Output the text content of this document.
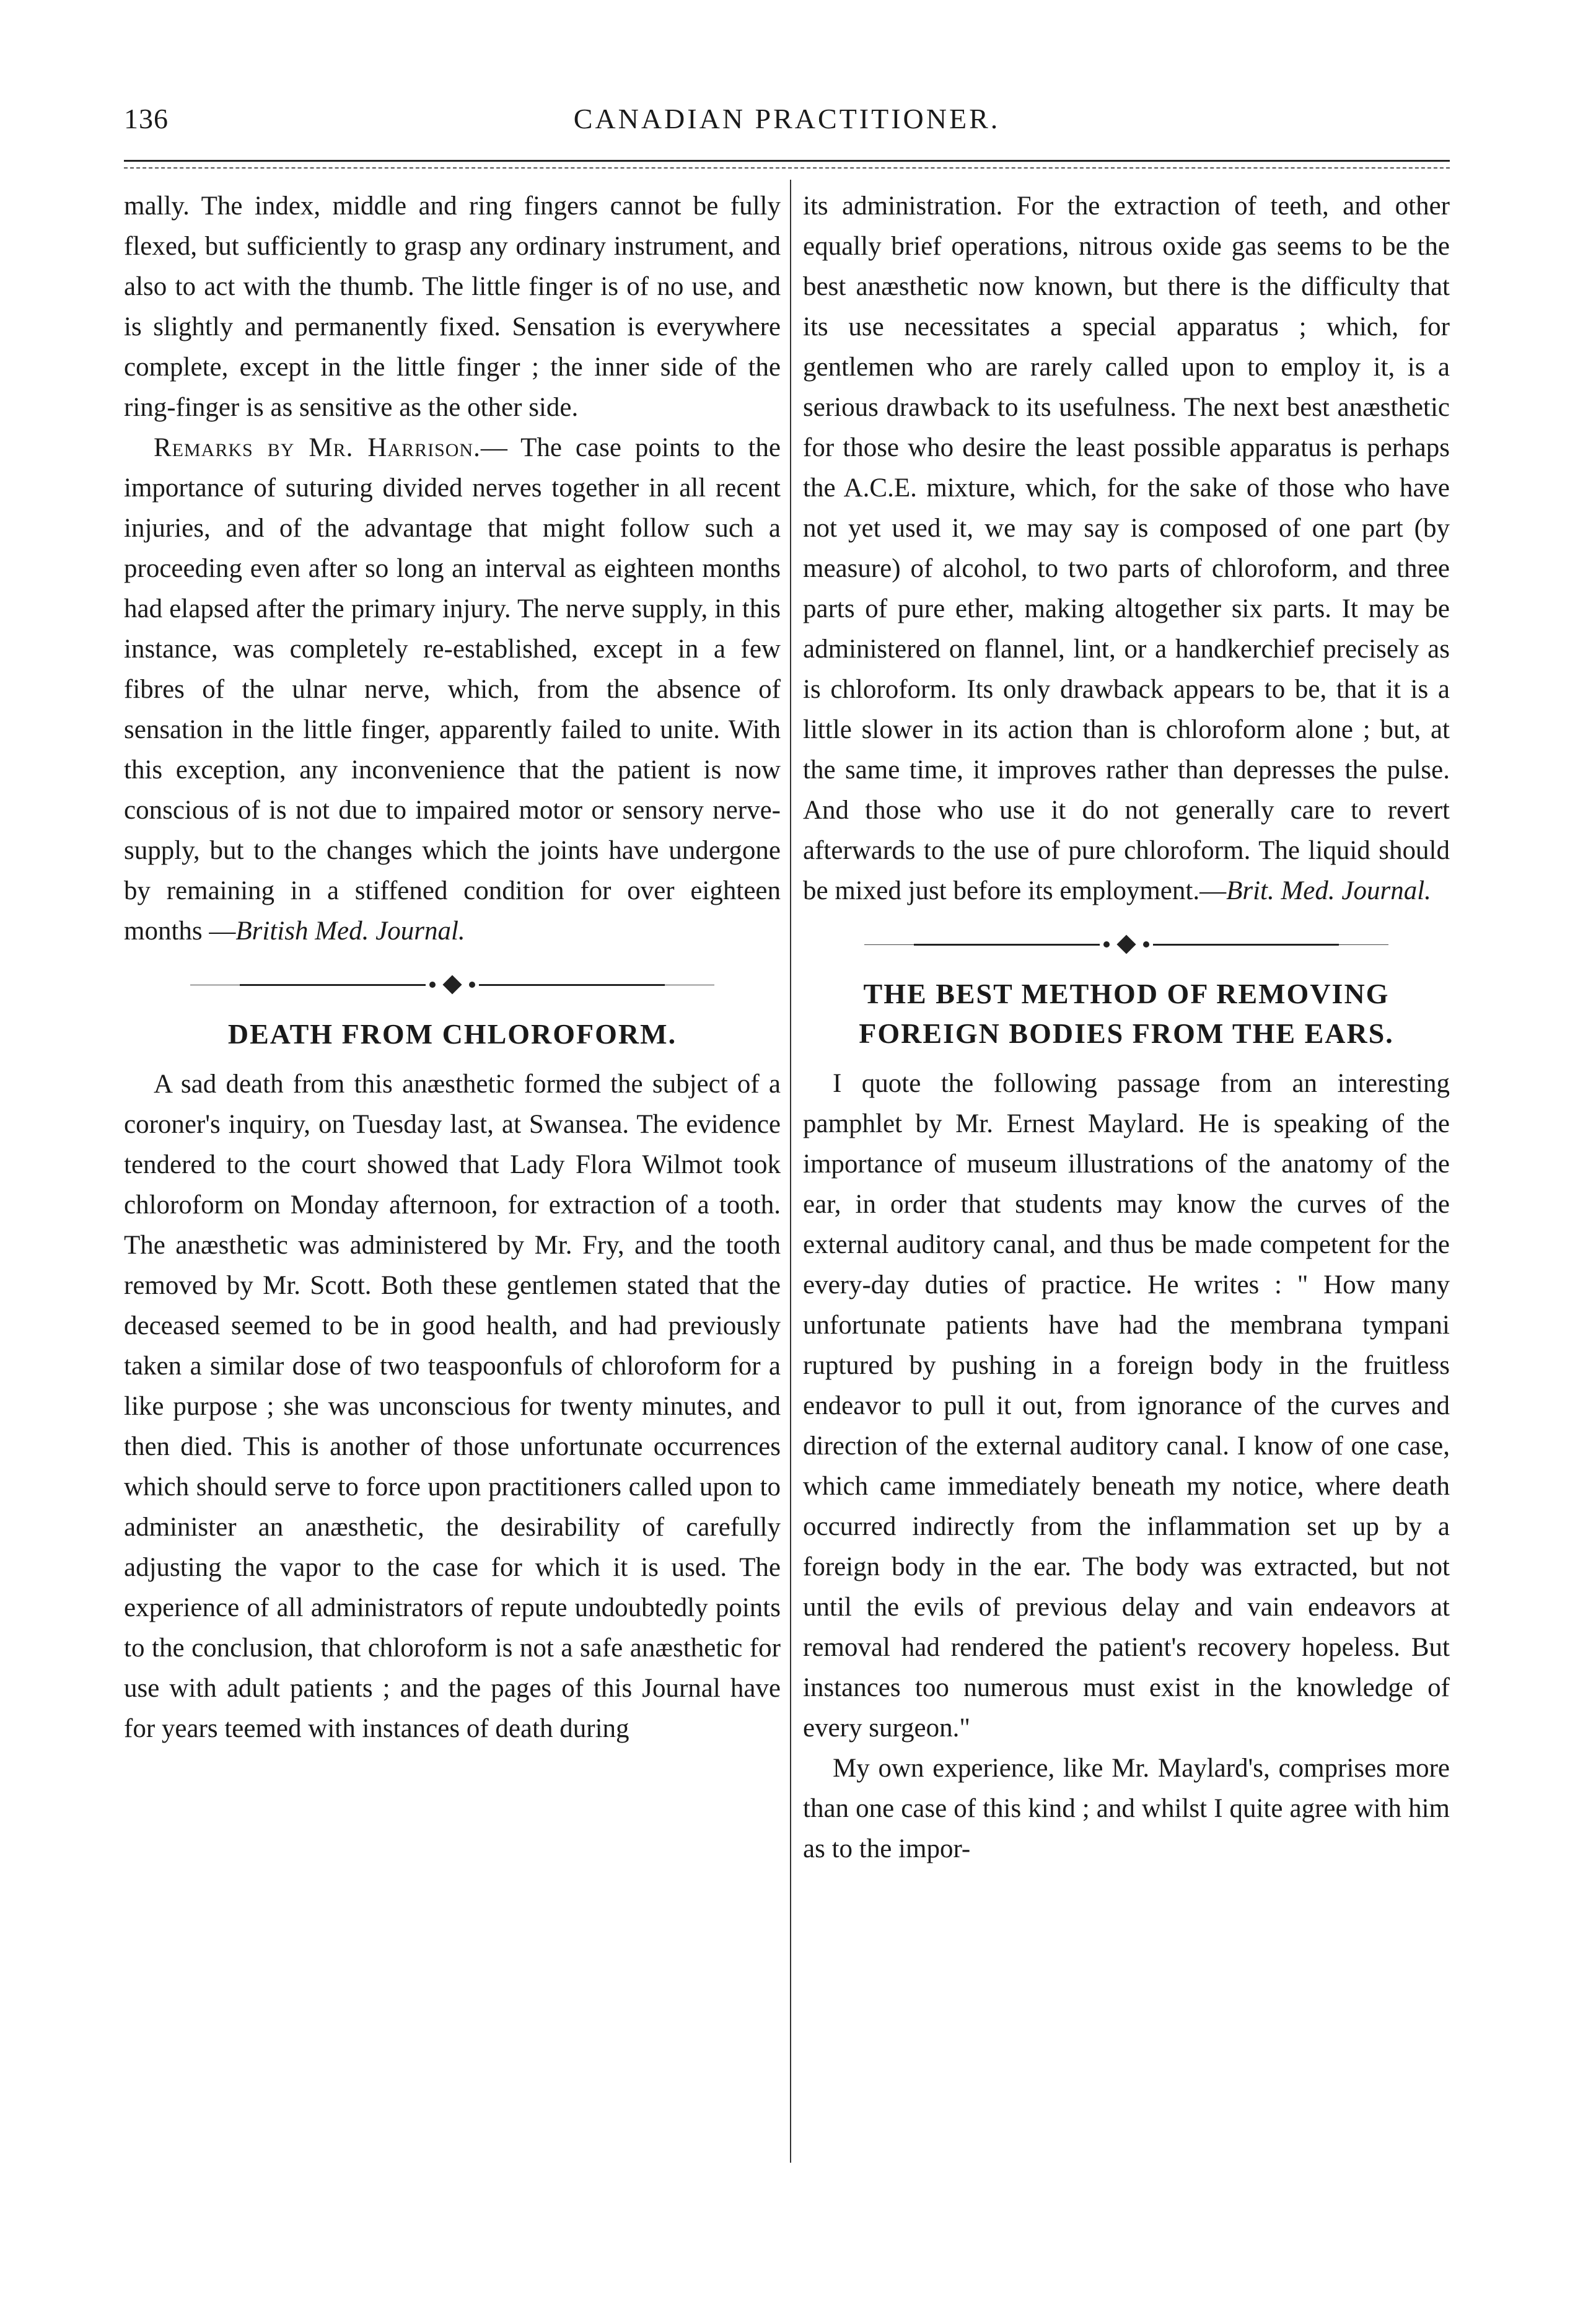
136	CANADIAN PRACTITIONER.

mally. The index, middle and ring fingers cannot be fully flexed, but sufficiently to grasp any ordinary instrument, and also to act with the thumb. The little finger is of no use, and is slightly and permanently fixed. Sensation is everywhere complete, except in the little finger ; the inner side of the ring-finger is as sensitive as the other side.

Remarks by Mr. Harrison.— The case points to the importance of suturing divided nerves together in all recent injuries, and of the advantage that might follow such a proceeding even after so long an interval as eighteen months had elapsed after the primary injury. The nerve supply, in this instance, was completely re-established, except in a few fibres of the ulnar nerve, which, from the absence of sensation in the little finger, apparently failed to unite. With this exception, any inconvenience that the patient is now conscious of is not due to impaired motor or sensory nerve-supply, but to the changes which the joints have undergone by remaining in a stiffened condition for over eighteen months —British Med. Journal.

DEATH FROM CHLOROFORM.

A sad death from this anæsthetic formed the subject of a coroner's inquiry, on Tuesday last, at Swansea. The evidence tendered to the court showed that Lady Flora Wilmot took chloroform on Monday afternoon, for extraction of a tooth. The anæsthetic was administered by Mr. Fry, and the tooth removed by Mr. Scott. Both these gentlemen stated that the deceased seemed to be in good health, and had previously taken a similar dose of two teaspoonfuls of chloroform for a like purpose ; she was unconscious for twenty minutes, and then died. This is another of those unfortunate occurrences which should serve to force upon practitioners called upon to administer an anæsthetic, the desirability of carefully adjusting the vapor to the case for which it is used. The experience of all administrators of repute undoubtedly points to the conclusion, that chloroform is not a safe anæsthetic for use with adult patients ; and the pages of this Journal have for years teemed with instances of death during

its administration. For the extraction of teeth, and other equally brief operations, nitrous oxide gas seems to be the best anæsthetic now known, but there is the difficulty that its use necessitates a special apparatus ; which, for gentlemen who are rarely called upon to employ it, is a serious drawback to its usefulness. The next best anæsthetic for those who desire the least possible apparatus is perhaps the A.C.E. mixture, which, for the sake of those who have not yet used it, we may say is composed of one part (by measure) of alcohol, to two parts of chloroform, and three parts of pure ether, making altogether six parts. It may be administered on flannel, lint, or a handkerchief precisely as is chloroform. Its only drawback appears to be, that it is a little slower in its action than is chloroform alone ; but, at the same time, it improves rather than depresses the pulse. And those who use it do not generally care to revert afterwards to the use of pure chloroform. The liquid should be mixed just before its employment.—Brit. Med. Journal.

THE BEST METHOD OF REMOVING FOREIGN BODIES FROM THE EARS.

I quote the following passage from an interesting pamphlet by Mr. Ernest Maylard. He is speaking of the importance of museum illustrations of the anatomy of the ear, in order that students may know the curves of the external auditory canal, and thus be made competent for the every-day duties of practice. He writes : " How many unfortunate patients have had the membrana tympani ruptured by pushing in a foreign body in the fruitless endeavor to pull it out, from ignorance of the curves and direction of the external auditory canal. I know of one case, which came immediately beneath my notice, where death occurred indirectly from the inflammation set up by a foreign body in the ear. The body was extracted, but not until the evils of previous delay and vain endeavors at removal had rendered the patient's recovery hopeless. But instances too numerous must exist in the knowledge of every surgeon."

My own experience, like Mr. Maylard's, comprises more than one case of this kind ; and whilst I quite agree with him as to the impor-
